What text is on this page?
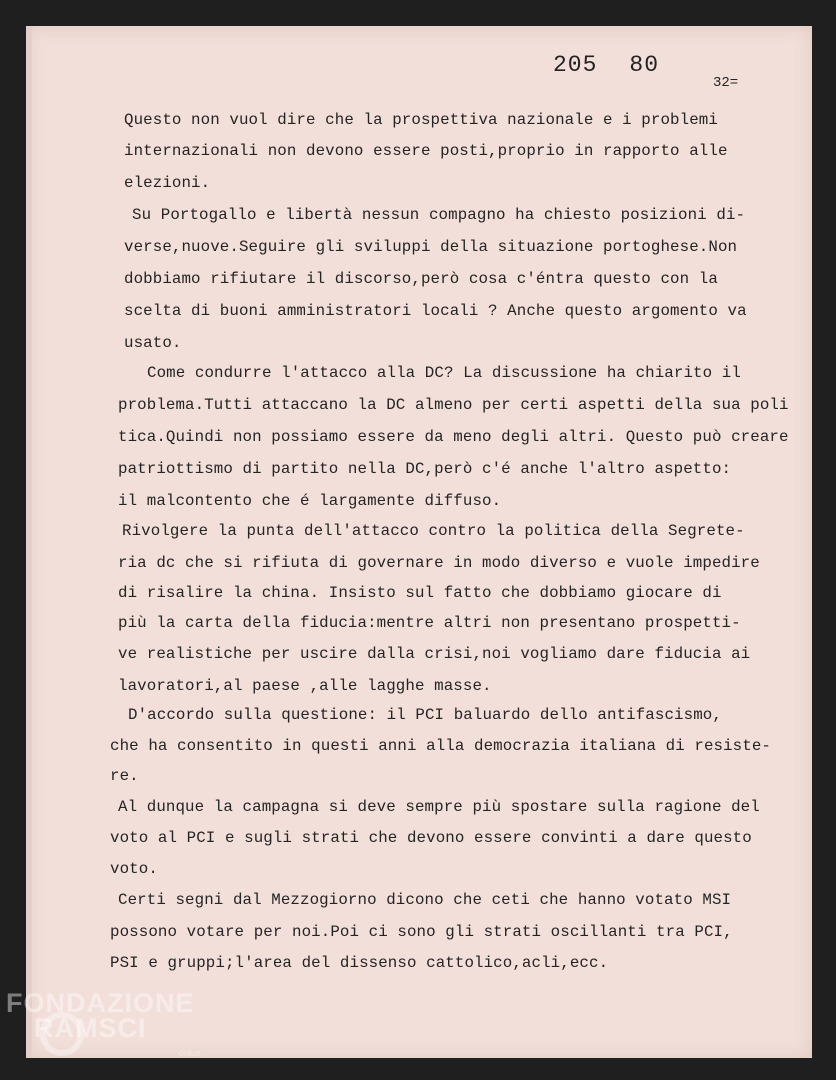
205 80
32=

Questo non vuol dire che la prospettiva nazionale e i problemi

internazionali non devono essere posti,proprio in rapporto alle

elezioni.

Su Portogallo e libertà nessun compagno ha chiesto posizioni di-

verse,nuove.Seguire gli sviluppi della situazione portoghese.Non

dobbiamo rifiutare il discorso,però cosa c'éntra questo con la

scelta di buoni amministratori locali ? Anche questo argomento va

usato.

Come condurre l'attacco alla DC? La discussione ha chiarito il

problema.Tutti attaccano la DC almeno per certi aspetti della sua poli

tica.Quindi non possiamo essere da meno degli altri. Questo può creare

patriottismo di partito nella DC,però c'é anche l'altro aspetto:

il malcontento che é largamente diffuso.

Rivolgere la punta dell'attacco contro la politica della Segrete-

ria dc che si rifiuta di governare in modo diverso e vuole impedire

di risalire la china. Insisto sul fatto che dobbiamo giocare di

più la carta della fiducia:mentre altri non presentano prospetti-

ve realistiche per uscire dalla crisi,noi vogliamo dare fiducia ai

lavoratori,al paese ,alle lagghe masse.

D'accordo sulla questione: il PCI baluardo dello antifascismo,

che ha consentito in questi anni alla democrazia italiana di resiste-

re.

Al dunque la campagna si deve sempre più spostare sulla ragione del

voto al PCI e sugli strati che devono essere convinti a dare questo

voto.

Certi segni dal Mezzogiorno dicono che ceti che hanno votato MSI

possono votare per noi.Poi ci sono gli strati oscillanti tra PCI,

PSI e gruppi;l'area del dissenso cattolico,acli,ecc.

FONDAZIONE
RAMSCI
onlus
